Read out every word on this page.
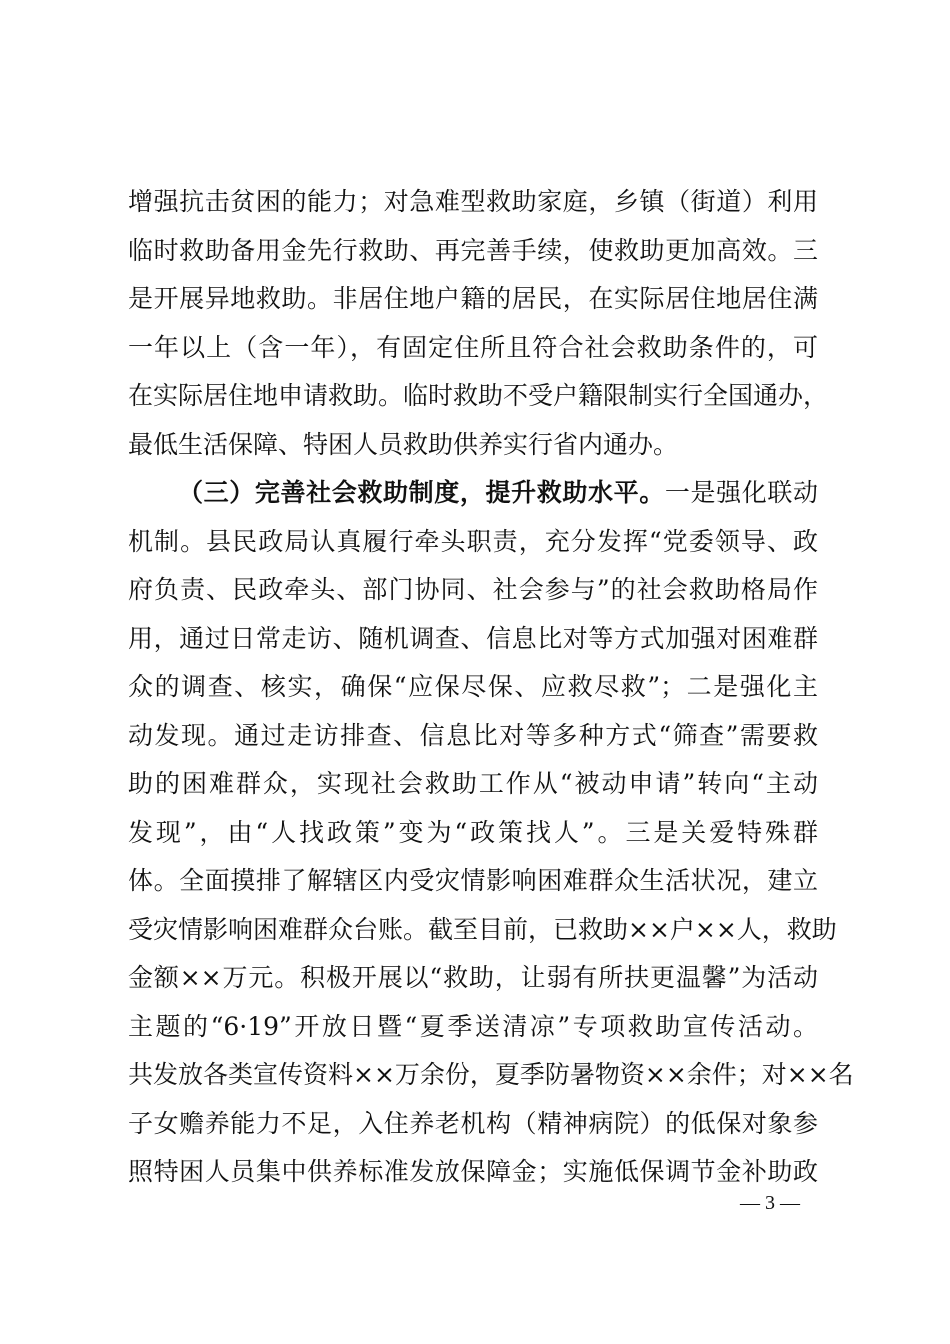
增强抗击贫困的能力；对急难型救助家庭，乡镇（街道）利用
临时救助备用金先行救助、再完善手续，使救助更加高效。三
是开展异地救助。非居住地户籍的居民，在实际居住地居住满
一年以上（含一年），有固定住所且符合社会救助条件的，可
在实际居住地申请救助。临时救助不受户籍限制实行全国通办，
最低生活保障、特困人员救助供养实行省内通办。
（三）完善社会救助制度，提升救助水平。一是强化联动
机制。县民政局认真履行牵头职责，充分发挥“党委领导、政
府负责、民政牵头、部门协同、社会参与”的社会救助格局作
用，通过日常走访、随机调查、信息比对等方式加强对困难群
众的调查、核实，确保“应保尽保、应救尽救”；二是强化主
动发现。通过走访排查、信息比对等多种方式“筛查”需要救
助的困难群众，实现社会救助工作从“被动申请”转向“主动
发现”，由“人找政策”变为“政策找人”。三是关爱特殊群
体。全面摸排了解辖区内受灾情影响困难群众生活状况，建立
受灾情影响困难群众台账。截至目前，已救助××户××人，救助
金额××万元。积极开展以“救助，让弱有所扶更温馨”为活动
主题的“6·19”开放日暨“夏季送清凉”专项救助宣传活动。
共发放各类宣传资料××万余份，夏季防暑物资××余件；对××名
子女赡养能力不足，入住养老机构（精神病院）的低保对象参
照特困人员集中供养标准发放保障金；实施低保调节金补助政
— 3 —
